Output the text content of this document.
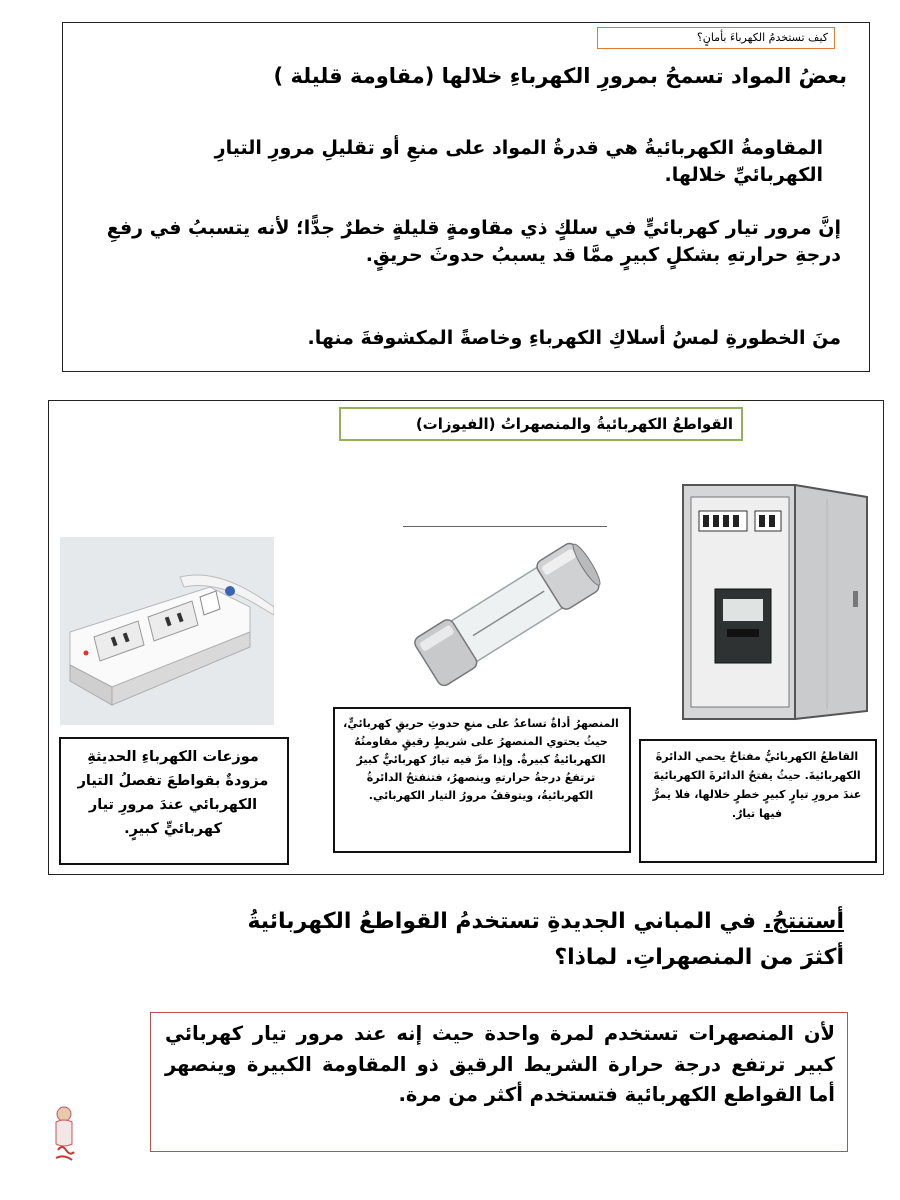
كيف تستخدمُ الكهرباءَ بأمانٍ؟
بعضُ المواد تسمحُ بمرورِ الكهرباءِ خلالها (مقاومة قليلة )
المقاومةُ الكهربائيةُ هي قدرةُ المواد على منعِ أو تقليلِ مرورِ التيارِ الكهربائيِّ خلالها.
إنَّ مرور تيار كهربائيٍّ في سلكٍ ذي مقاومةٍ قليلةٍ خطرٌ جدًّا؛ لأنه يتسببُ في رفعِ درجةِ حرارتهِ بشكلٍ كبيرٍ ممَّا قد يسببُ حدوثَ حريقٍ.
منَ الخطورةِ لمسُ أسلاكِ الكهرباءِ وخاصةً المكشوفةَ منها.
القواطعُ الكهربائيةُ والمنصهراتُ (الفيوزات)
موزعات الكهرباءِ الحديثةِ مزودةٌ بقواطعَ تفصلُ التيار الكهربائي عندَ مرورِ تيار كهربائيٍّ كبيرٍ.
المنصهرُ أداةٌ تساعدُ على منعِ حدوثِ حريقٍ كهربائيٍّ، حيثُ يحتوي المنصهرُ على شريطٍ رقيقٍ مقاومتُهُ الكهربائيةُ كبيرةٌ. وإذا مرَّ فيه تيارٌ كهربائيٌّ كبيرٌ ترتفعُ درجةُ حرارتهِ وينصهرُ، فتنفتحُ الدائرةُ الكهربائيةُ، ويتوقفُ مرورُ التيار الكهربائي.
القاطعُ الكهربائيُّ مفتاحٌ يحمي الدائرةَ الكهربائيةَ. حيثُ يفتحُ الدائرةَ الكهربائيةَ عندَ مرورِ تيارٍ كبيرٍ خطرٍ خلالها، فلا يمرُّ فيها تيارٌ.
أستنتجُ. في المباني الجديدةِ تستخدمُ القواطعُ الكهربائيةُ أكثرَ من المنصهراتِ. لماذا؟
لأن المنصهرات تستخدم لمرة واحدة حيث إنه عند مرور تيار كهربائي كبير ترتفع درجة حرارة الشريط الرقيق ذو المقاومة الكبيرة وينصهر أما القواطع الكهربائية فتستخدم أكثر من مرة.
